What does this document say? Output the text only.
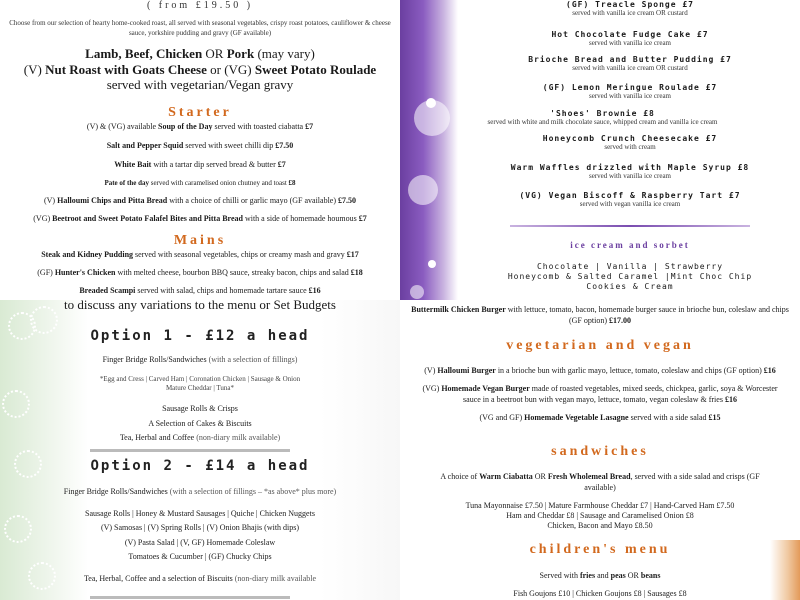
( from £19.50 )
Choose from our selection of hearty home-cooked roast, all served with seasonal vegetables, crispy roast potatoes, cauliflower & cheese sauce, yorkshire pudding and gravy (GF available)
Lamb, Beef, Chicken OR Pork (may vary)
(V) Nut Roast with Goats Cheese or (VG) Sweet Potato Roulade served with vegetarian/Vegan gravy
Starter
(V) & (VG) available Soup of the Day served with toasted ciabatta £7
Salt and Pepper Squid served with sweet chilli dip £7.50
White Bait with a tartar dip served bread & butter £7
Pate of the day served with caramelised onion chutney and toast £8
(V) Halloumi Chips and Pitta Bread with a choice of chilli or garlic mayo (GF available) £7.50
(VG) Beetroot and Sweet Potato Falafel Bites and Pitta Bread with a side of homemade houmous £7
Mains
Steak and Kidney Pudding served with seasonal vegetables, chips or creamy mash and gravy £17
(GF) Hunter's Chicken with melted cheese, bourbon BBQ sauce, streaky bacon, chips and salad £18
Breaded Scampi served with salad, chips and homemade tartare sauce £16
(GF) Treacle Sponge £7
served with vanilla ice cream OR custard
Hot Chocolate Fudge Cake £7
served with vanilla ice cream
Brioche Bread and Butter Pudding £7
served with vanilla ice cream OR custard
(GF) Lemon Meringue Roulade £7
served with vanilla ice cream
'Shoes' Brownie £8
served with white and milk chocolate sauce, whipped cream and vanilla ice cream
Honeycomb Crunch Cheesecake £7
served with cream
Warm Waffles drizzled with Maple Syrup £8
served with vanilla ice cream
(VG) Vegan Biscoff & Raspberry Tart £7
served with vegan vanilla ice cream
ice cream and sorbet
Chocolate | Vanilla | Strawberry
Honeycomb & Salted Caramel |Mint Choc Chip
Cookies & Cream
to discuss any variations to the menu or Set Budgets
Option 1 - £12 a head
Finger Bridge Rolls/Sandwiches (with a selection of fillings)
*Egg and Cress | Carved Ham | Coronation Chicken | Sausage & Onion
Mature Cheddar | Tuna*
Sausage Rolls & Crisps
A Selection of Cakes & Biscuits
Tea, Herbal and Coffee (non-diary milk available)
Option 2 - £14 a head
Finger Bridge Rolls/Sandwiches (with a selection of fillings – *as above* plus more)
Sausage Rolls | Honey & Mustard Sausages | Quiche | Chicken Nuggets
(V) Samosas | (V) Spring Rolls | (V) Onion Bhajis (with dips)
(V) Pasta Salad | (V, GF) Homemade Coleslaw
Tomatoes & Cucumber | (GF) Chucky Chips
Tea, Herbal, Coffee and a selection of Biscuits (non-diary milk available
Buttermilk Chicken Burger with lettuce, tomato, bacon, homemade burger sauce in brioche bun, coleslaw and chips (GF option) £17.00
vegetarian and vegan
(V) Halloumi Burger in a brioche bun with garlic mayo, lettuce, tomato, coleslaw and chips (GF option) £16
(VG) Homemade Vegan Burger made of roasted vegetables, mixed seeds, chickpea, garlic, soya & Worcester sauce in a beetroot bun with vegan mayo, lettuce, tomato, vegan coleslaw & fries £16
(VG and GF) Homemade Vegetable Lasagne served with a side salad £15
sandwiches
A choice of Warm Ciabatta OR Fresh Wholemeal Bread, served with a side salad and crisps (GF available)
Tuna Mayonnaise £7.50 | Mature Farmhouse Cheddar £7 | Hand-Carved Ham £7.50
Ham and Cheddar £8 | Sausage and Caramelised Onion £8
Chicken, Bacon and Mayo £8.50
children's menu
Served with fries and peas OR beans
Fish Goujons £10 | Chicken Goujons £8 | Sausages £8
